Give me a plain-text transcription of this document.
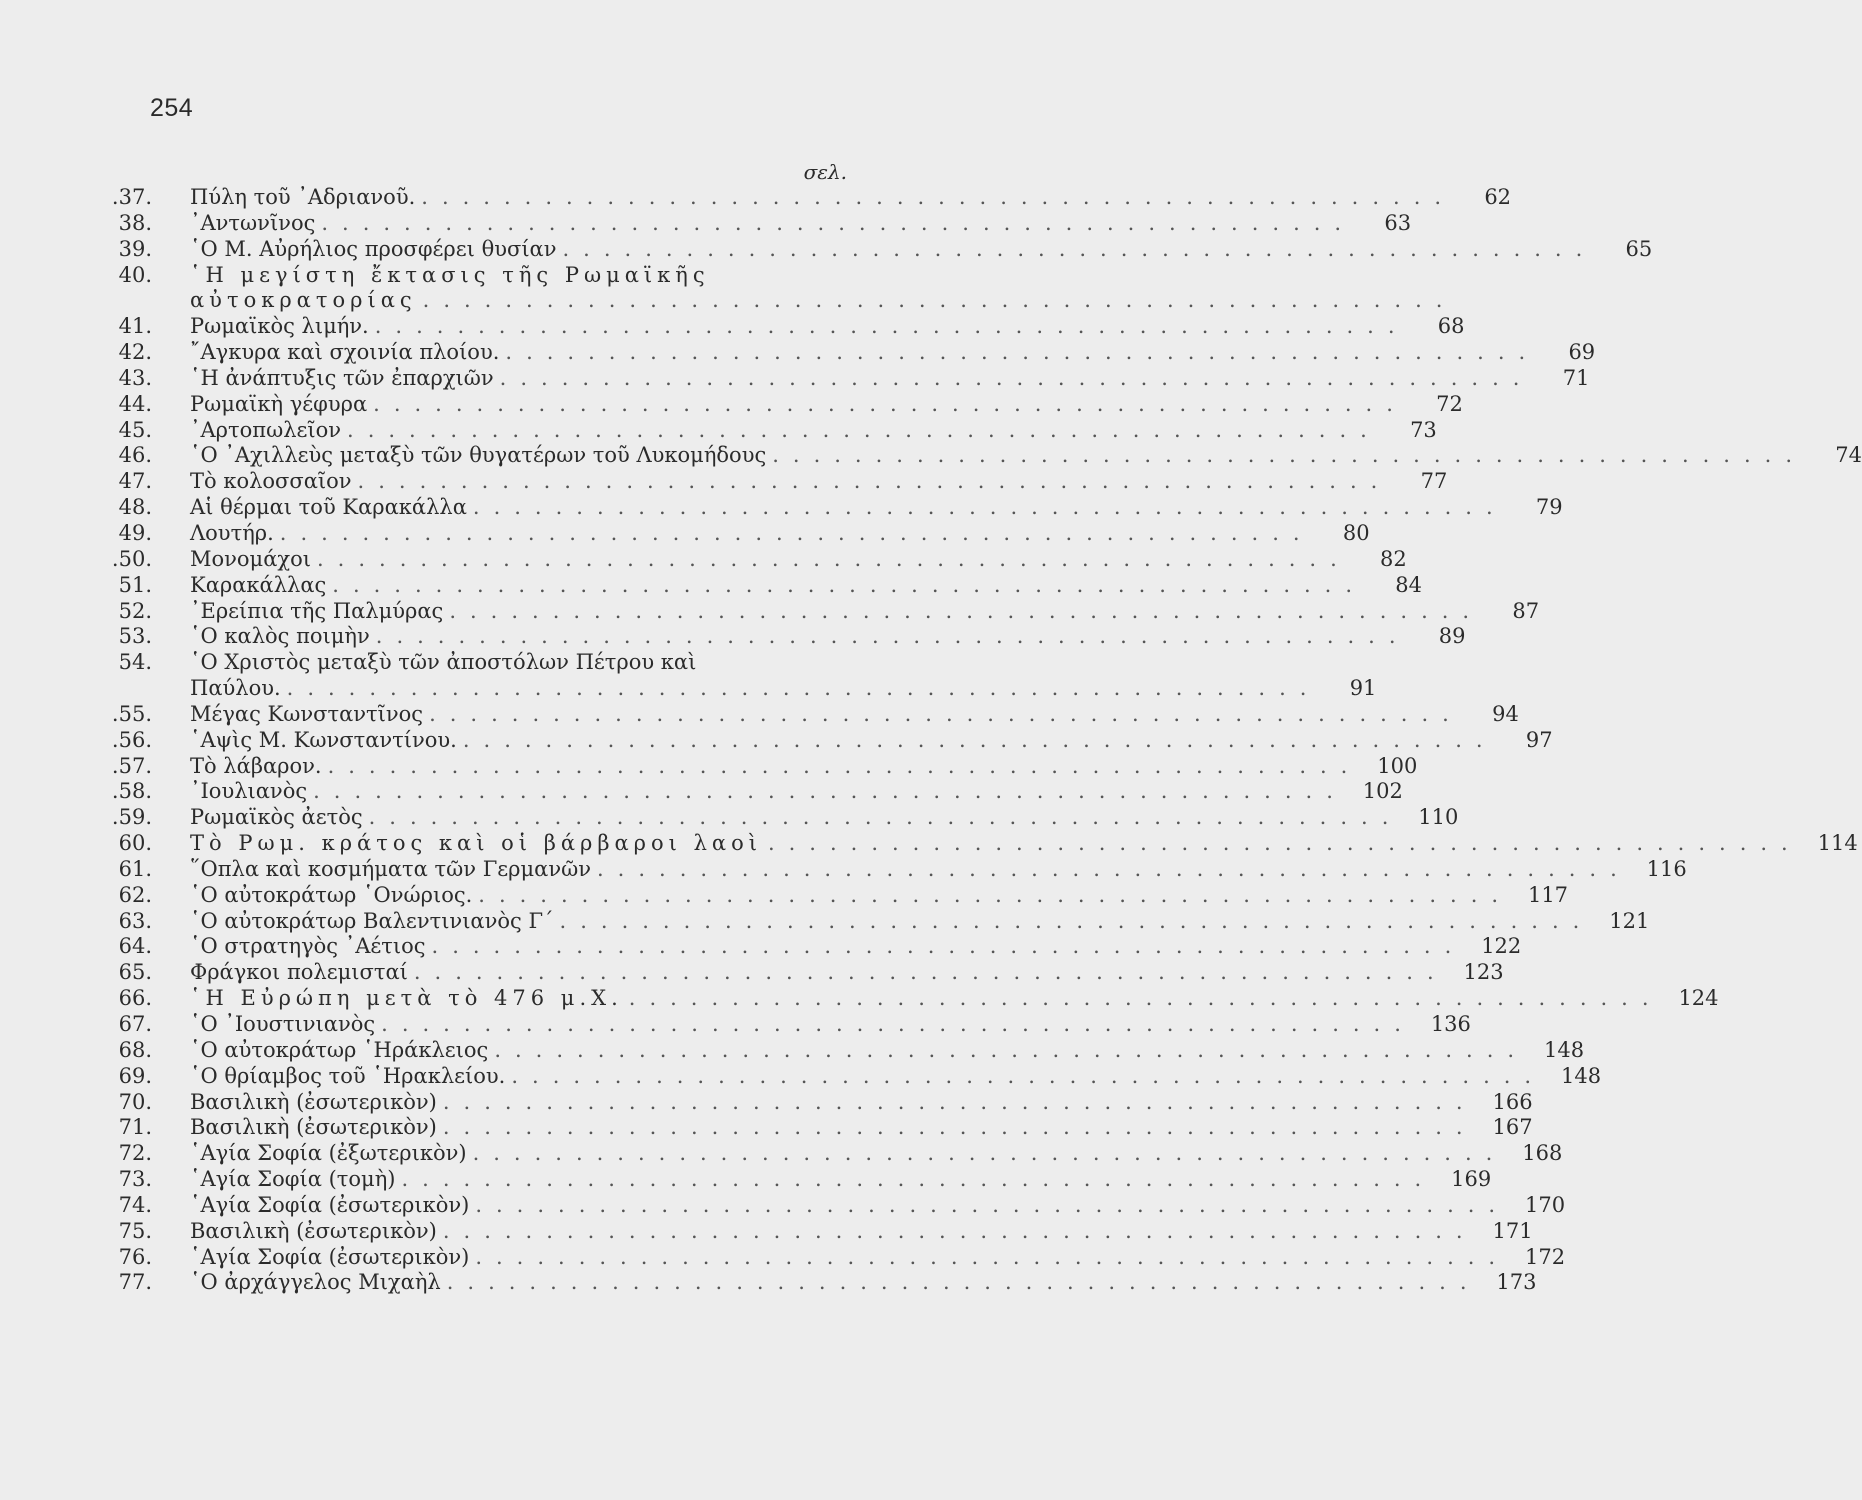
254
σελ.
.37.	Πύλη τοῦ ᾿Αδριανοῦ. ..................................................	62
38.	᾿Αντωνῖνος ..................................................	63
39.	῾Ο Μ. Αὐρήλιος προσφέρει θυσίαν ..................................................	65
40.	῾Η μεγίστη ἔκτασις τῆς Ρωμαϊκῆς
αὐτοκρατορίας ..................................................
41.	Ρωμαϊκὸς λιμήν. ..................................................	68
42.	῎Αγκυρα καὶ σχοινία πλοίου. ..................................................	69
43.	῾Η ἀνάπτυξις τῶν ἐπαρχιῶν ..................................................	71
44.	Ρωμαϊκὴ γέφυρα ..................................................	72
45.	᾿Αρτοπωλεῖον ..................................................	73
46.	῾Ο ᾿Αχιλλεὺς μεταξὺ τῶν θυγατέρων τοῦ Λυκομήδους ..................................................	74
47.	Τὸ κολοσσαῖον ..................................................	77
48.	Αἱ θέρμαι τοῦ Καρακάλλα ..................................................	79
49.	Λουτήρ. ..................................................	80
.50.	Μονομάχοι ..................................................	82
51.	Καρακάλλας ..................................................	84
52.	᾿Ερείπια τῆς Παλμύρας ..................................................	87
53.	῾Ο καλὸς ποιμὴν ..................................................	89
54.	῾Ο Χριστὸς μεταξὺ τῶν ἀποστόλων Πέτρου καὶ
Παύλου. ..................................................	91
.55.	Μέγας Κωνσταντῖνος ..................................................	94
.56.	῾Αψὶς Μ. Κωνσταντίνου. ..................................................	97
.57.	Τὸ λάβαρον. .................................................. 100
.58.	᾿Ιουλιανὸς .................................................. 102
.59.	Ρωμαϊκὸς ἀετὸς .................................................. 110
60.	Τὸ Ρωμ. κράτος καὶ οἱ βάρβαροι λαοὶ .................................................. 114
61.	῞Οπλα καὶ κοσμήματα τῶν Γερμανῶν .................................................. 116
62.	῾Ο αὐτοκράτωρ ῾Ονώριος. .................................................. 117
63.	῾Ο αὐτοκράτωρ Βαλεντινιανὸς Γ´ .................................................. 121
64.	῾Ο στρατηγὸς ᾿Αέτιος .................................................. 122
65.	Φράγκοι πολεμισταί .................................................. 123
66.	῾Η Εὐρώπη μετὰ τὸ 476 μ.Χ. .................................................. 124
67.	῾Ο ᾿Ιουστινιανὸς .................................................. 136
68.	῾Ο αὐτοκράτωρ ῾Ηράκλειος .................................................. 148
69.	῾Ο θρίαμβος τοῦ ῾Ηρακλείου. .................................................. 148
70.	Βασιλικὴ (ἐσωτερικὸν) .................................................. 166
71.	Βασιλικὴ (ἐσωτερικὸν) .................................................. 167
72.	῾Αγία Σοφία (ἐξωτερικὸν) .................................................. 168
73.	῾Αγία Σοφία (τομὴ) .................................................. 169
74.	῾Αγία Σοφία (ἐσωτερικὸν) .................................................. 170
75.	Βασιλικὴ (ἐσωτερικὸν) .................................................. 171
76.	῾Αγία Σοφία (ἐσωτερικὸν) .................................................. 172
77.	῾Ο ἀρχάγγελος Μιχαὴλ .................................................. 173
